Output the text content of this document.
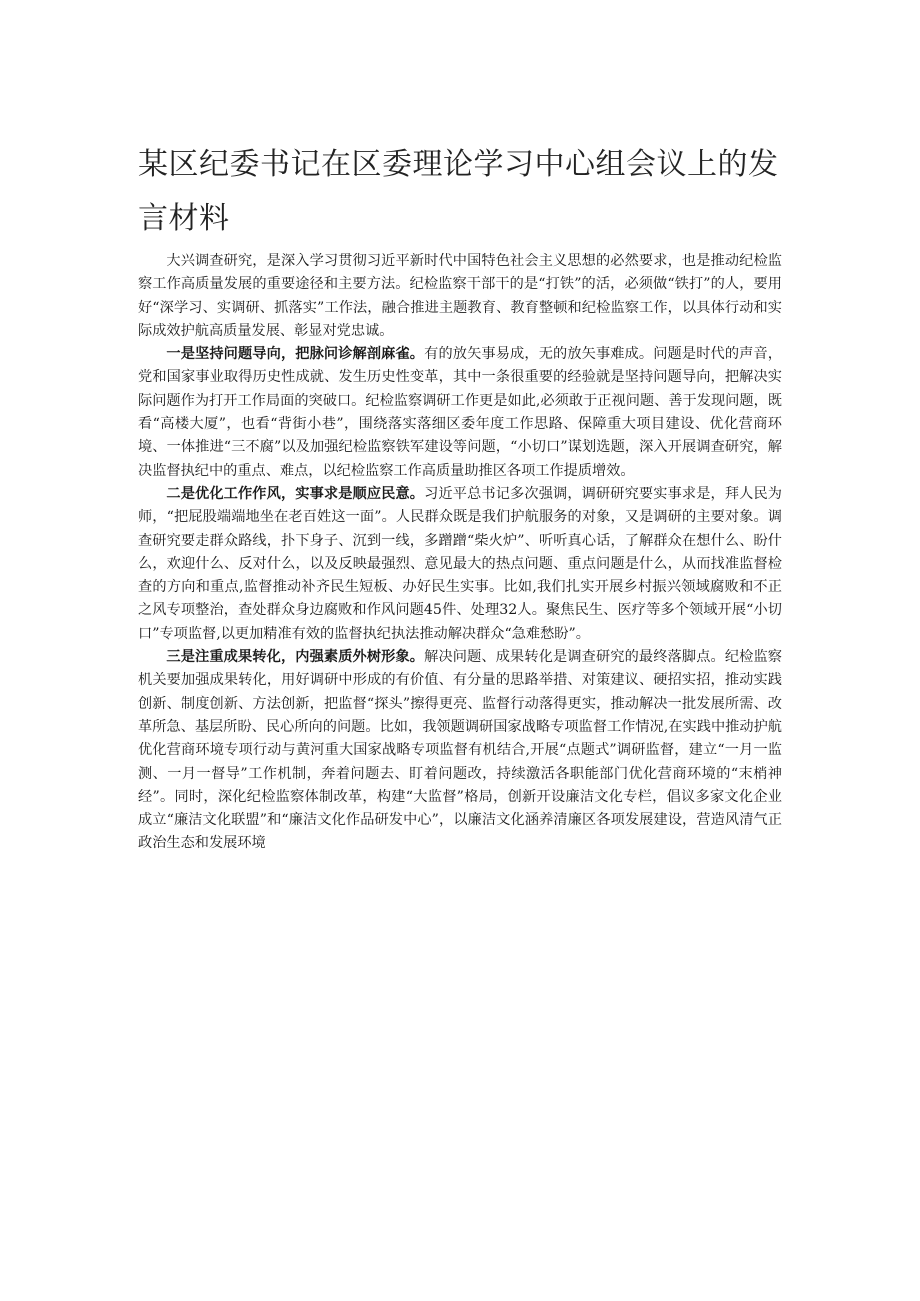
某区纪委书记在区委理论学习中心组会议上的发言材料

大兴调查研究，是深入学习贯彻习近平新时代中国特色社会主义思想的必然要求，也是推动纪检监察工作高质量发展的重要途径和主要方法。纪检监察干部干的是“打铁”的活，必须做“铁打”的人，要用好“深学习、实调研、抓落实”工作法，融合推进主题教育、教育整顿和纪检监察工作，以具体行动和实际成效护航高质量发展、彰显对党忠诚。

一是坚持问题导向，把脉问诊解剖麻雀。有的放矢事易成，无的放矢事难成。问题是时代的声音，党和国家事业取得历史性成就、发生历史性变革，其中一条很重要的经验就是坚持问题导向，把解决实际问题作为打开工作局面的突破口。纪检监察调研工作更是如此,必须敢于正视问题、善于发现问题，既看“高楼大厦”，也看“背街小巷”，围绕落实落细区委年度工作思路、保障重大项目建设、优化营商环境、一体推进“三不腐”以及加强纪检监察铁军建设等问题，“小切口”谋划选题，深入开展调查研究，解决监督执纪中的重点、难点，以纪检监察工作高质量助推区各项工作提质增效。

二是优化工作作风，实事求是顺应民意。习近平总书记多次强调，调研研究要实事求是，拜人民为师，“把屁股端端地坐在老百姓这一面”。人民群众既是我们护航服务的对象，又是调研的主要对象。调查研究要走群众路线，扑下身子、沉到一线，多蹭蹭“柴火炉”、听听真心话，了解群众在想什么、盼什么，欢迎什么、反对什么，以及反映最强烈、意见最大的热点问题、重点问题是什么，从而找准监督检查的方向和重点,监督推动补齐民生短板、办好民生实事。比如,我们扎实开展乡村振兴领域腐败和不正之风专项整治，查处群众身边腐败和作风问题45件、处理32人。聚焦民生、医疗等多个领域开展“小切口”专项监督,以更加精准有效的监督执纪执法推动解决群众“急难愁盼”。

三是注重成果转化，内强素质外树形象。解决问题、成果转化是调查研究的最终落脚点。纪检监察机关要加强成果转化，用好调研中形成的有价值、有分量的思路举措、对策建议、硬招实招，推动实践创新、制度创新、方法创新，把监督“探头”擦得更亮、监督行动落得更实，推动解决一批发展所需、改革所急、基层所盼、民心所向的问题。比如，我领题调研国家战略专项监督工作情况,在实践中推动护航优化营商环境专项行动与黄河重大国家战略专项监督有机结合,开展“点题式”调研监督，建立“一月一监测、一月一督导”工作机制，奔着问题去、盯着问题改，持续激活各职能部门优化营商环境的“末梢神经”。同时，深化纪检监察体制改革，构建“大监督”格局，创新开设廉洁文化专栏，倡议多家文化企业成立“廉洁文化联盟”和“廉洁文化作品研发中心”，以廉洁文化涵养清廉区各项发展建设，营造风清气正政治生态和发展环境
